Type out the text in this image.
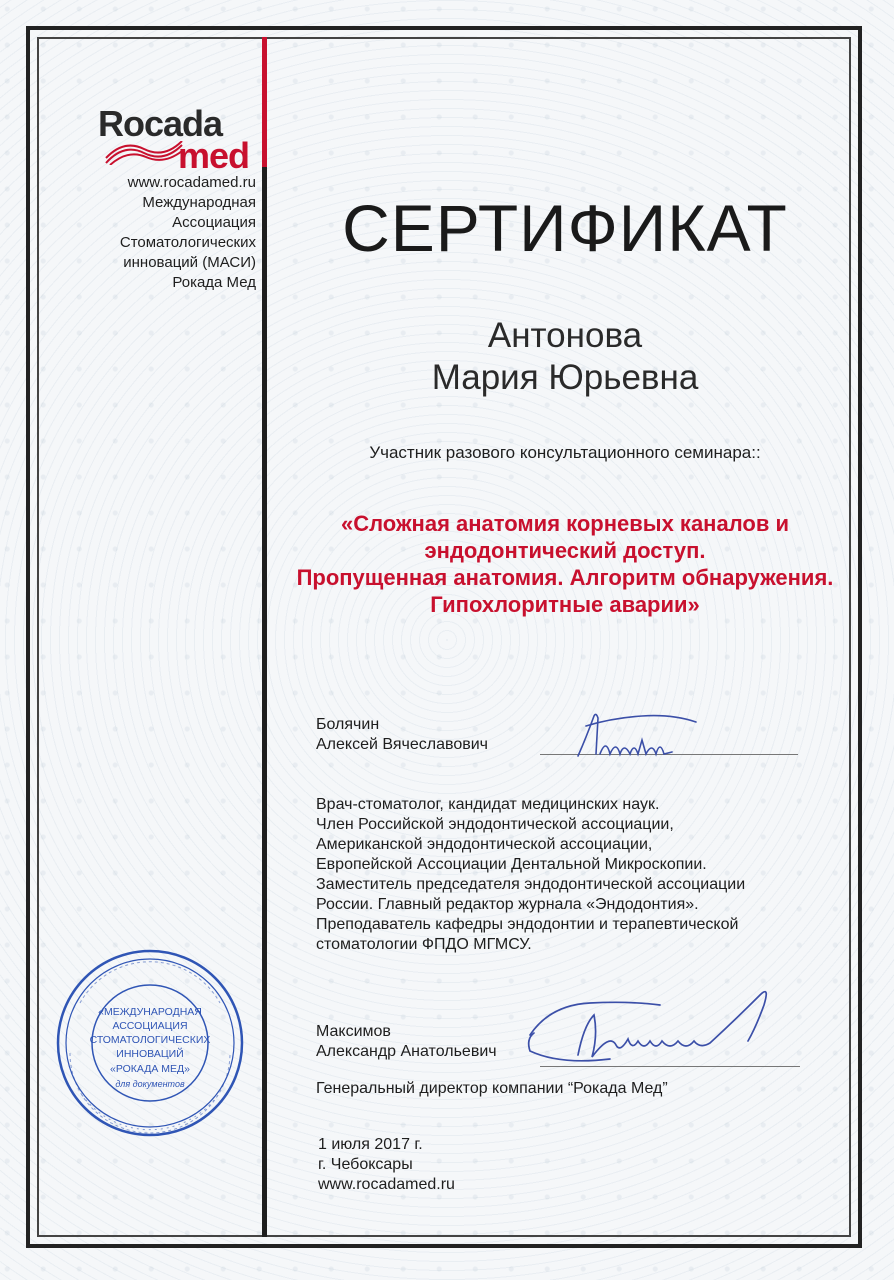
Rocada
med
www.rocadamed.ru
Международная
Ассоциация
Стоматологических
инноваций (МАСИ)
Рокада Мед
СЕРТИФИКАТ
Антонова
Мария Юрьевна
Участник разового консультационного семинара::
«Сложная анатомия корневых каналов и
эндодонтический доступ.
Пропущенная анатомия. Алгоритм обнаружения.
Гипохлоритные аварии»
Болячин
Алексей Вячеславович
Врач-стоматолог, кандидат медицинских наук.
Член Российской эндодонтической ассоциации,
Американской эндодонтической ассоциации,
Европейской Ассоциации Дентальной Микроскопии.
Заместитель председателя эндодонтической ассоциации
России. Главный редактор журнала «Эндодонтия».
Преподаватель кафедры эндодонтии и терапевтической
стоматологии ФПДО МГМСУ.
«МЕЖДУНАРОДНАЯ
АССОЦИАЦИЯ
СТОМАТОЛОГИЧЕСКИХ
ИННОВАЦИЙ
«РОКАДА МЕД»
для документов
Максимов
Александр Анатольевич
Генеральный директор компании “Рокада Мед”
1 июля 2017 г.
г. Чебоксары
www.rocadamed.ru
